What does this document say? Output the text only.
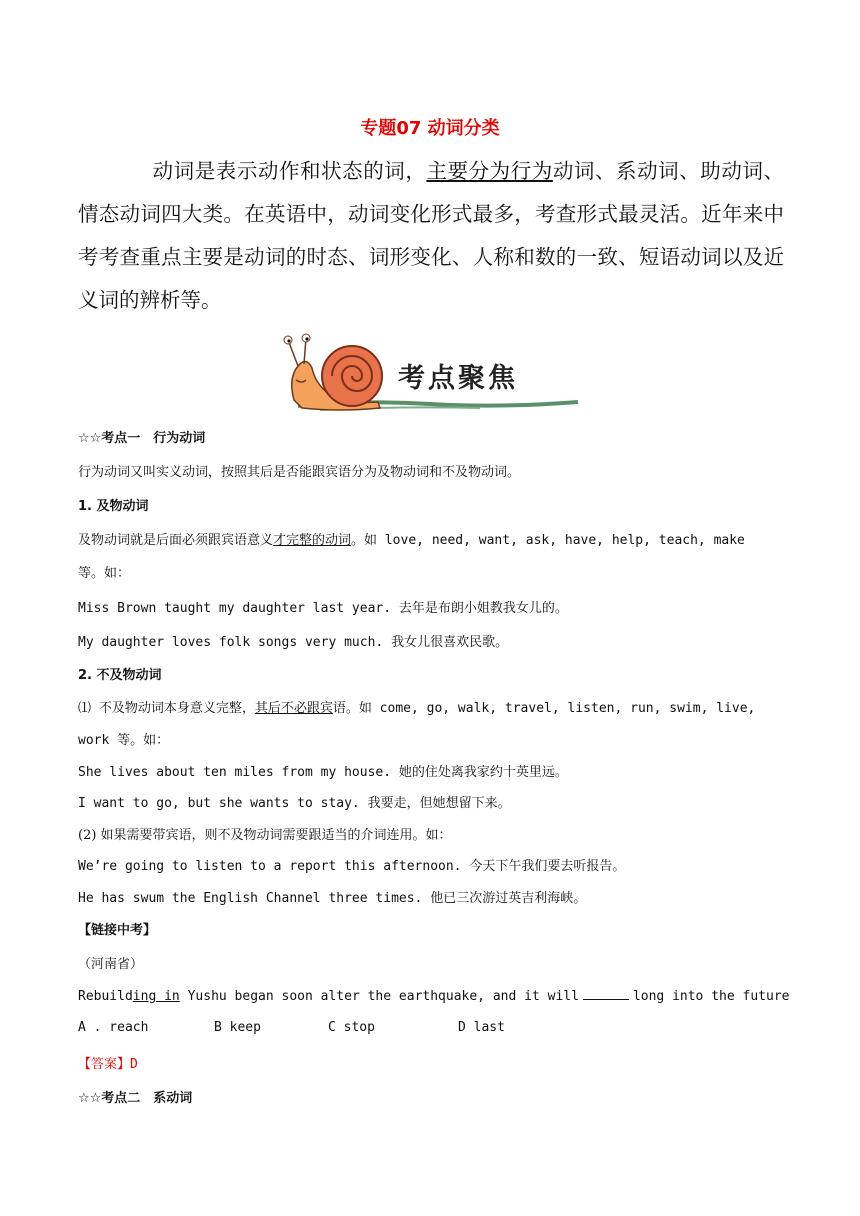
专题07 动词分类

动词是表示动作和状态的词，主要分为行为动词、系动词、助动词、情态动词四大类。在英语中，动词变化形式最多，考查形式最灵活。近年来中考考查重点主要是动词的时态、词形变化、人称和数的一致、短语动词以及近义词的辨析等。

考点聚焦
☆☆考点一　行为动词
行为动词又叫实义动词，按照其后是否能跟宾语分为及物动词和不及物动词。
1. 及物动词
及物动词就是后面必须跟宾语意义才完整的动词。如 love, need, want, ask, have, help, teach, make
等。如：
Miss Brown taught my daughter last year. 去年是布朗小姐教我女儿的。
My daughter loves folk songs very much. 我女儿很喜欢民歌。
2. 不及物动词
⑴ 不及物动词本身意义完整，其后不必跟宾语。如 come, go, walk, travel, listen, run, swim, live,
work 等。如：
She lives about ten miles from my house. 她的住处离我家约十英里远。
I want to go, but she wants to stay. 我要走，但她想留下来。
(2) 如果需要带宾语，则不及物动词需要跟适当的介词连用。如：
We’re going to listen to a report this afternoon. 今天下午我们要去听报告。
He has swum the English Channel three times. 他已三次游过英吉利海峡。
【链接中考】
（河南省）
Rebuilding in Yushu began soon alter the earthquake, and it will	long into the future
A . reach	B keep	C stop	D last
【答案】D
☆☆考点二　系动词
